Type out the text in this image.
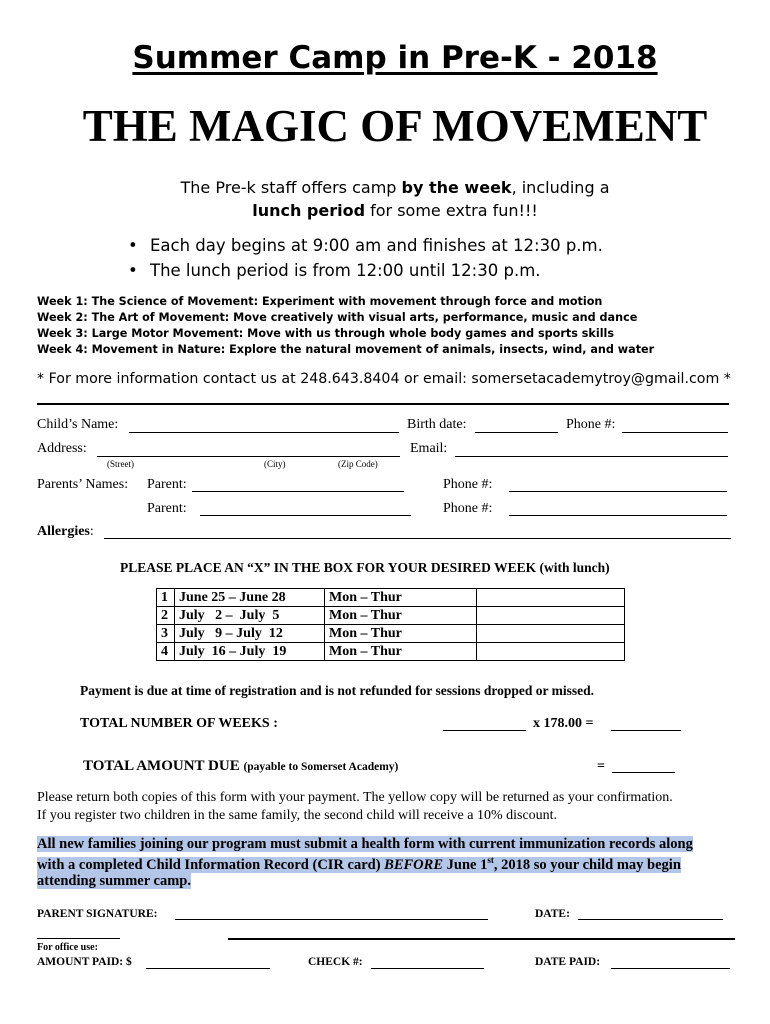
Summer Camp in Pre-K - 2018
THE MAGIC OF MOVEMENT
The Pre-k staff offers camp by the week, including a
lunch period for some extra fun!!!
• Each day begins at 9:00 am and finishes at 12:30 p.m.
• The lunch period is from 12:00 until 12:30 p.m.
Week 1: The Science of Movement: Experiment with movement through force and motion
Week 2: The Art of Movement: Move creatively with visual arts, performance, music and dance
Week 3: Large Motor Movement: Move with us through whole body games and sports skills
Week 4: Movement in Nature: Explore the natural movement of animals, insects, wind, and water
* For more information contact us at 248.643.8404 or email: somersetacademytroy@gmail.com *
Child’s Name:	Birth date:	Phone #:
Address:	Email:
(Street)	(City)	(Zip Code)
Parents’ Names: Parent:	Phone #:
Parent:	Phone #:
Allergies:
PLEASE PLACE AN “X” IN THE BOX FOR YOUR DESIRED WEEK (with lunch)
1	June 25 – June 28	Mon – Thur	
2	July   2 –  July  5	Mon – Thur	
3	July   9 – July  12	Mon – Thur	
4	July  16 – July  19	Mon – Thur	
Payment is due at time of registration and is not refunded for sessions dropped or missed.
TOTAL NUMBER OF WEEKS :	x 178.00 =
TOTAL AMOUNT DUE (payable to Somerset Academy)	=
Please return both copies of this form with your payment. The yellow copy will be returned as your confirmation.
If you register two children in the same family, the second child will receive a 10% discount.
All new families joining our program must submit a health form with current immunization records along
with a completed Child Information Record (CIR card) BEFORE June 1st, 2018 so your child may begin
attending summer camp.
PARENT SIGNATURE:	DATE:
For office use:
AMOUNT PAID: $	CHECK #:	DATE PAID:
